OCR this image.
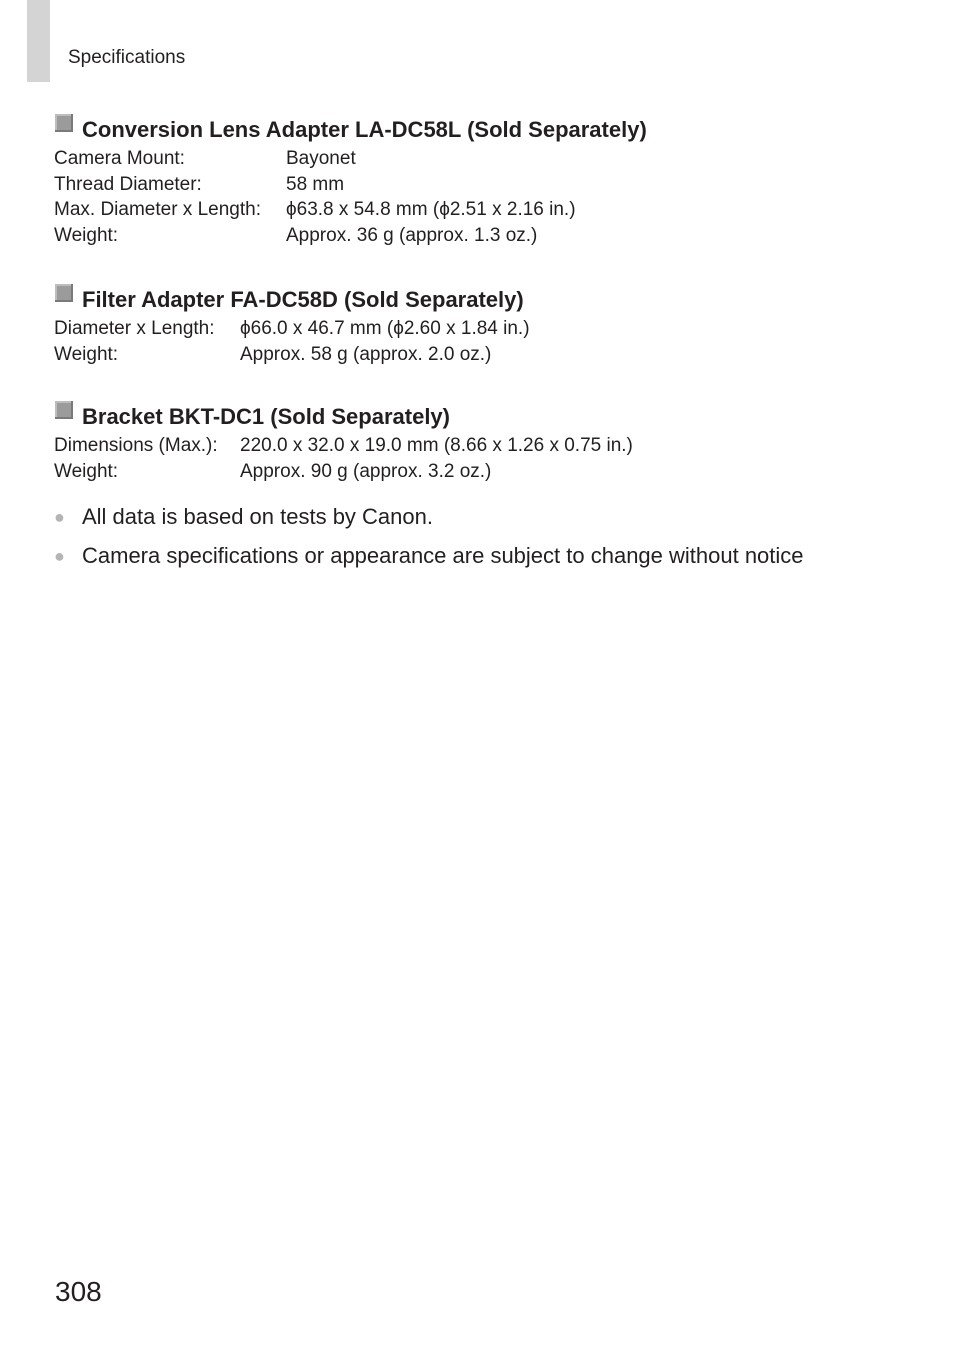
Specifications
Conversion Lens Adapter LA-DC58L (Sold Separately)
Camera Mount:	Bayonet
Thread Diameter:	58 mm
Max. Diameter x Length:	ϕ63.8 x 54.8 mm (ϕ2.51 x 2.16 in.)
Weight:	Approx. 36 g (approx. 1.3 oz.)
Filter Adapter FA-DC58D (Sold Separately)
Diameter x Length:	ϕ66.0 x 46.7 mm (ϕ2.60 x 1.84 in.)
Weight:	Approx. 58 g (approx. 2.0 oz.)
Bracket BKT-DC1 (Sold Separately)
Dimensions (Max.):	220.0 x 32.0 x 19.0 mm (8.66 x 1.26 x 0.75 in.)
Weight:	Approx. 90 g (approx. 3.2 oz.)
● All data is based on tests by Canon.
● Camera specifications or appearance are subject to change without notice
308
